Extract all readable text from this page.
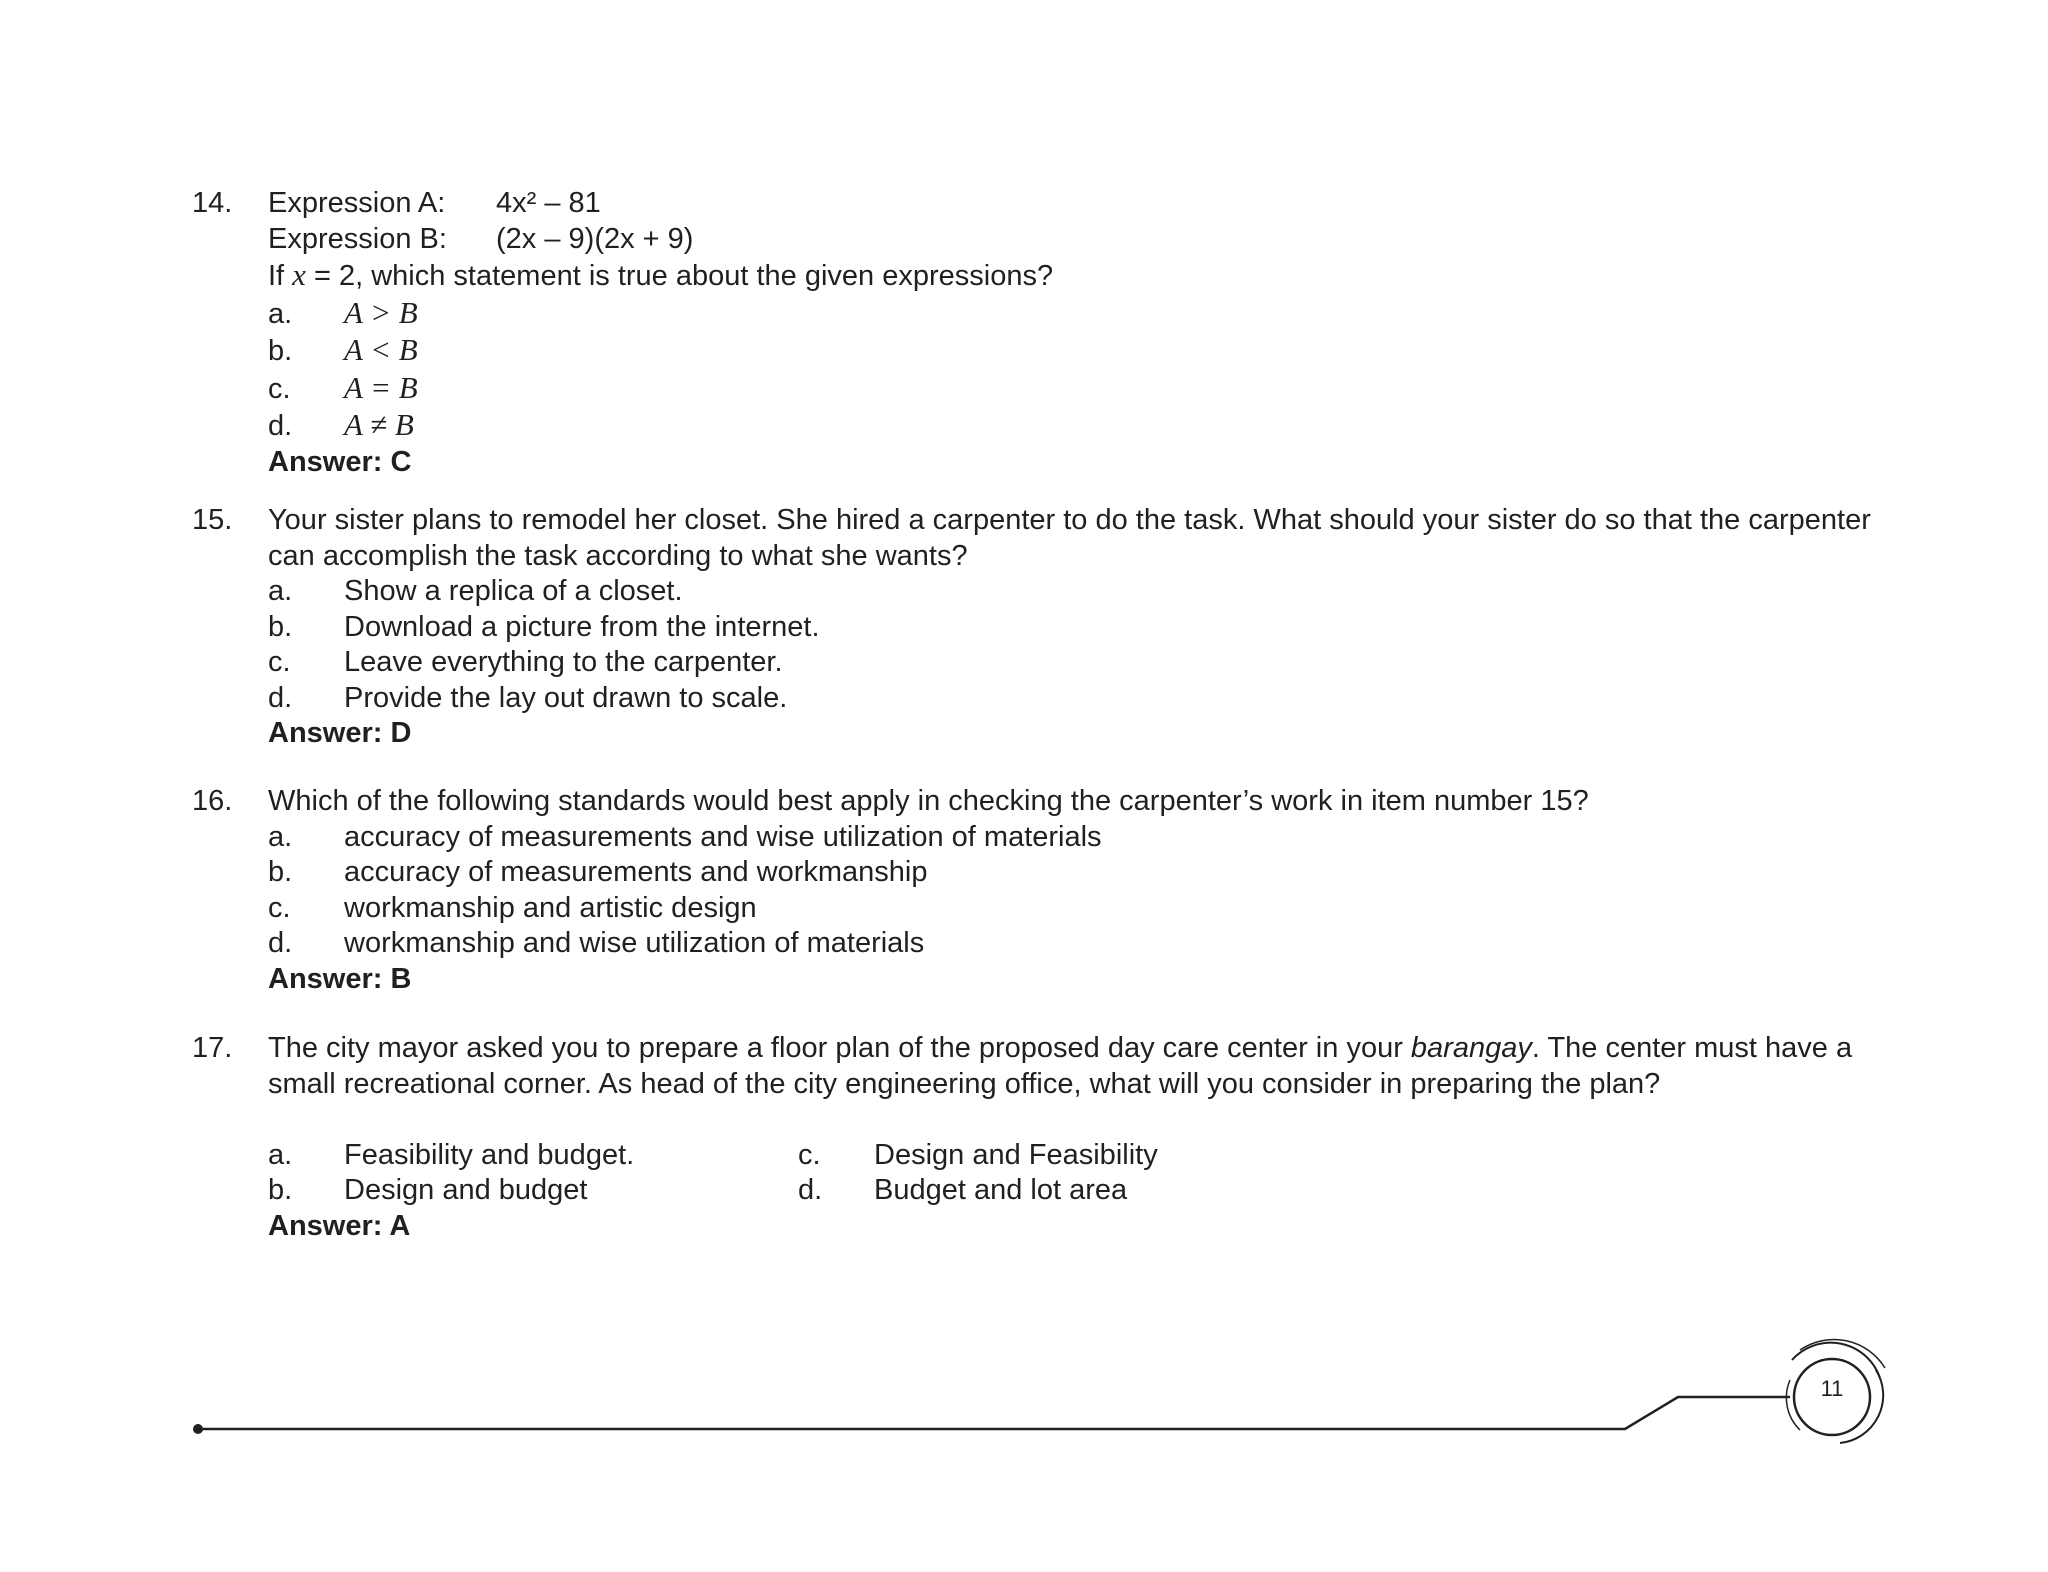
14. Expression A: 4x² – 81
Expression B: (2x – 9)(2x + 9)
If x = 2, which statement is true about the given expressions?
a. A > B
b. A < B
c. A = B
d. A ≠ B
Answer: C
15. Your sister plans to remodel her closet. She hired a carpenter to do the task. What should your sister do so that the carpenter
can accomplish the task according to what she wants?
a. Show a replica of a closet.
b. Download a picture from the internet.
c. Leave everything to the carpenter.
d. Provide the lay out drawn to scale.
Answer: D
16. Which of the following standards would best apply in checking the carpenter’s work in item number 15?
a. accuracy of measurements and wise utilization of materials
b. accuracy of measurements and workmanship
c. workmanship and artistic design
d. workmanship and wise utilization of materials
Answer: B
17. The city mayor asked you to prepare a floor plan of the proposed day care center in your barangay. The center must have a
small recreational corner. As head of the city engineering office, what will you consider in preparing the plan?
a. Feasibility and budget.
b. Design and budget
c. Design and Feasibility
d. Budget and lot area
Answer: A
11
